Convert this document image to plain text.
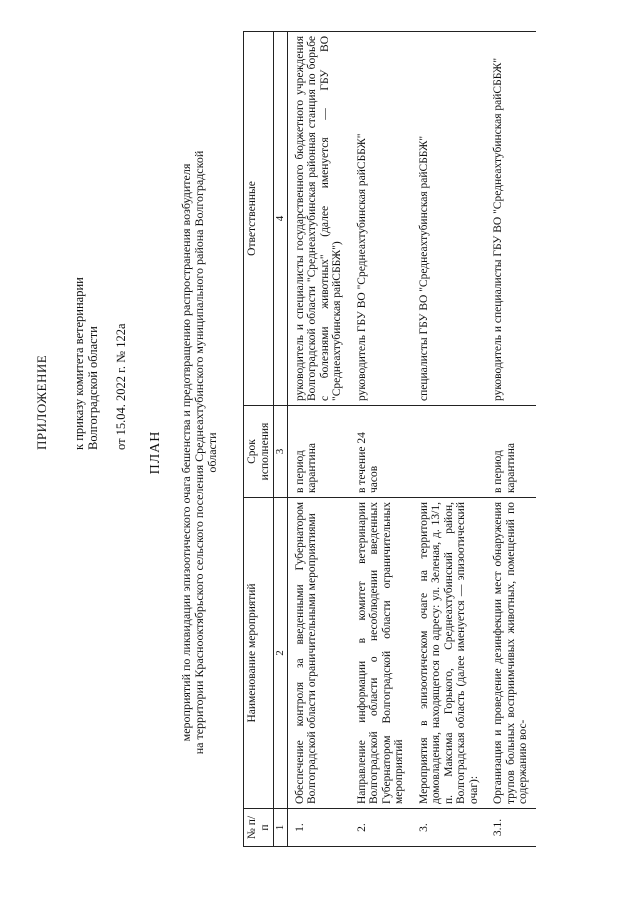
ПРИЛОЖЕНИЕ к приказу комитета ветеринарии Волгоградской области от 15.04. 2022 г. № 122а
ПЛАН мероприятий по ликвидации эпизоотического очага бешенства и предотвращению распространения возбудителя на территории Краснооктябрьского сельского поселения Среднеахтубинского муниципального района Волгоградской области
№ п/п	Наименование мероприятий	Срок исполнения	Ответственные
1	2	3	4
1.	Обеспечение контроля за введенными Губернатором Волгоградской области ограничительными мероприятиями	в период карантина	руководитель и специалисты государственного бюджетного учреждения Волгоградской области "Среднеахтубинская районная станция по борьбе с болезнями животных" (далее именуется — ГБУ ВО "Среднеахтубинская райСББЖ")
2.	Направление информации в комитет ветеринарии Волгоградской области о несоблюдении введенных Губернатором Волгоградской области ограничительных мероприятий	в течение 24 часов	руководитель ГБУ ВО "Среднеахтубинская райСББЖ"
3.	Мероприятия в эпизоотическом очаге на территории домовладения, находящегося по адресу: ул. Зеленая, д. 13/1, п. Максима Горького, Среднеахтубинский район, Волгоградская область (далее именуется — эпизоотический очаг):		специалисты ГБУ ВО "Среднеахтубинская райСББЖ"
3.1.	Организация и проведение дезинфекции мест обнаружения трупов больных восприимчивых животных, помещений по содержанию вос-	в период карантина	руководитель и специалисты ГБУ ВО "Среднеахтубинская райСББЖ"
